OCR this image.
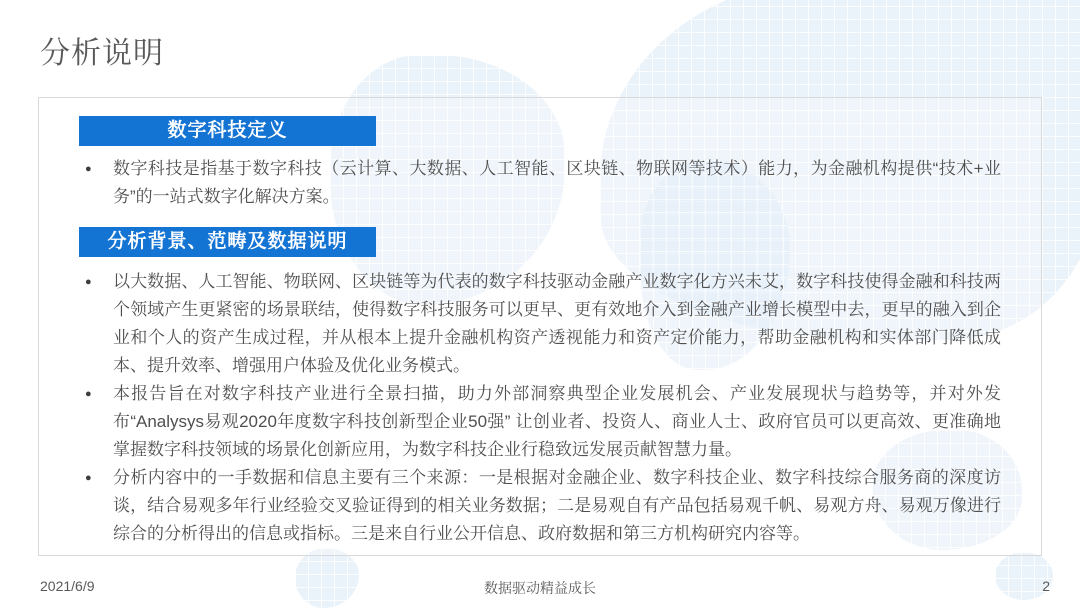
分析说明
数字科技定义
●	数字科技是指基于数字科技（云计算、大数据、人工智能、区块链、物联网等技术）能力，为金融机构提供“技术+业务”的一站式数字化解决方案。

分析背景、范畴及数据说明
●	以大数据、人工智能、物联网、区块链等为代表的数字科技驱动金融产业数字化方兴未艾，数字科技使得金融和科技两个领域产生更紧密的场景联结，使得数字科技服务可以更早、更有效地介入到金融产业增长模型中去，更早的融入到企业和个人的资产生成过程，并从根本上提升金融机构资产透视能力和资产定价能力，帮助金融机构和实体部门降低成本、提升效率、增强用户体验及优化业务模式。

●	本报告旨在对数字科技产业进行全景扫描，助力外部洞察典型企业发展机会、产业发展现状与趋势等，并对外发布“Analysys易观2020年度数字科技创新型企业50强” 让创业者、投资人、商业人士、政府官员可以更高效、更准确地掌握数字科技领域的场景化创新应用，为数字科技企业行稳致远发展贡献智慧力量。

●	分析内容中的一手数据和信息主要有三个来源：一是根据对金融企业、数字科技企业、数字科技综合服务商的深度访谈，结合易观多年行业经验交叉验证得到的相关业务数据；二是易观自有产品包括易观千帆、易观方舟、易观万像进行综合的分析得出的信息或指标。三是来自行业公开信息、政府数据和第三方机构研究内容等。

2021/6/9	数据驱动精益成长	2
